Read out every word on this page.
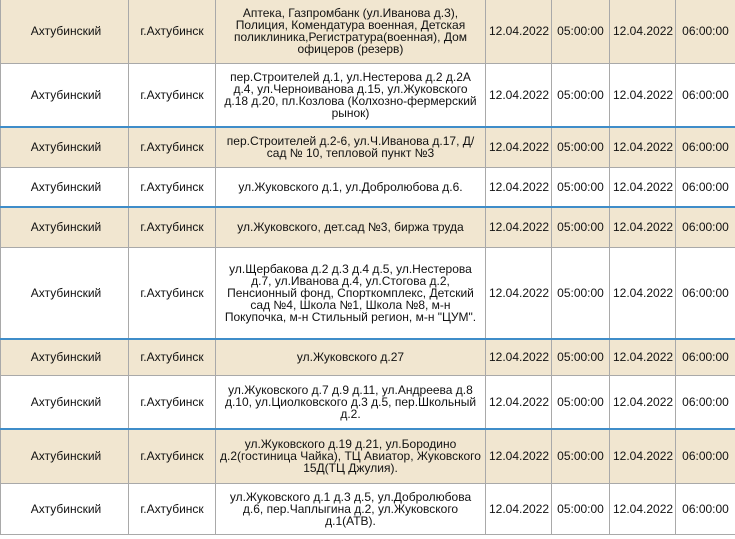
Ахтубинский	г.Ахтубинск	Аптека, Газпромбанк (ул.Иванова д.3), Полиция, Комендатура военная, Детская поликлиника,Регистратура(военная), Дом офицеров (резерв)	12.04.2022	05:00:00	12.04.2022	06:00:00
Ахтубинский	г.Ахтубинск	пер.Строителей д.1, ул.Нестерова д.2 д.2А д.4, ул.Черноиванова д.15, ул.Жуковского д.18 д.20, пл.Козлова (Колхозно-фермерский рынок)	12.04.2022	05:00:00	12.04.2022	06:00:00
Ахтубинский	г.Ахтубинск	пер.Строителей д.2-6, ул.Ч.Иванова д.17, Д/сад № 10, тепловой пункт №3	12.04.2022	05:00:00	12.04.2022	06:00:00
Ахтубинский	г.Ахтубинск	ул.Жуковского д.1, ул.Добролюбова д.6.	12.04.2022	05:00:00	12.04.2022	06:00:00
Ахтубинский	г.Ахтубинск	ул.Жуковского, дет.сад №3, биржа труда	12.04.2022	05:00:00	12.04.2022	06:00:00
Ахтубинский	г.Ахтубинск	ул.Щербакова д.2 д.3 д.4 д.5, ул.Нестерова д.7, ул.Иванова д.4, ул.Стогова д.2, Пенсионный фонд, Спорткомплекс, Детский сад №4, Школа №1, Школа №8, м-н Покупочка, м-н Стильный регион, м-н "ЦУМ".	12.04.2022	05:00:00	12.04.2022	06:00:00
Ахтубинский	г.Ахтубинск	ул.Жуковского д.27	12.04.2022	05:00:00	12.04.2022	06:00:00
Ахтубинский	г.Ахтубинск	ул.Жуковского д.7 д.9 д.11, ул.Андреева д.8 д.10, ул.Циолковского д.3 д.5, пер.Школьный д.2.	12.04.2022	05:00:00	12.04.2022	06:00:00
Ахтубинский	г.Ахтубинск	ул.Жуковского д.19 д.21, ул.Бородино д.2(гостиница Чайка), ТЦ Авиатор, Жуковского 15Д(ТЦ Джулия).	12.04.2022	05:00:00	12.04.2022	06:00:00
Ахтубинский	г.Ахтубинск	ул.Жуковского д.1 д.3 д.5, ул.Добролюбова д.6, пер.Чаплыгина д.2, ул.Жуковского д.1(АТВ).	12.04.2022	05:00:00	12.04.2022	06:00:00
